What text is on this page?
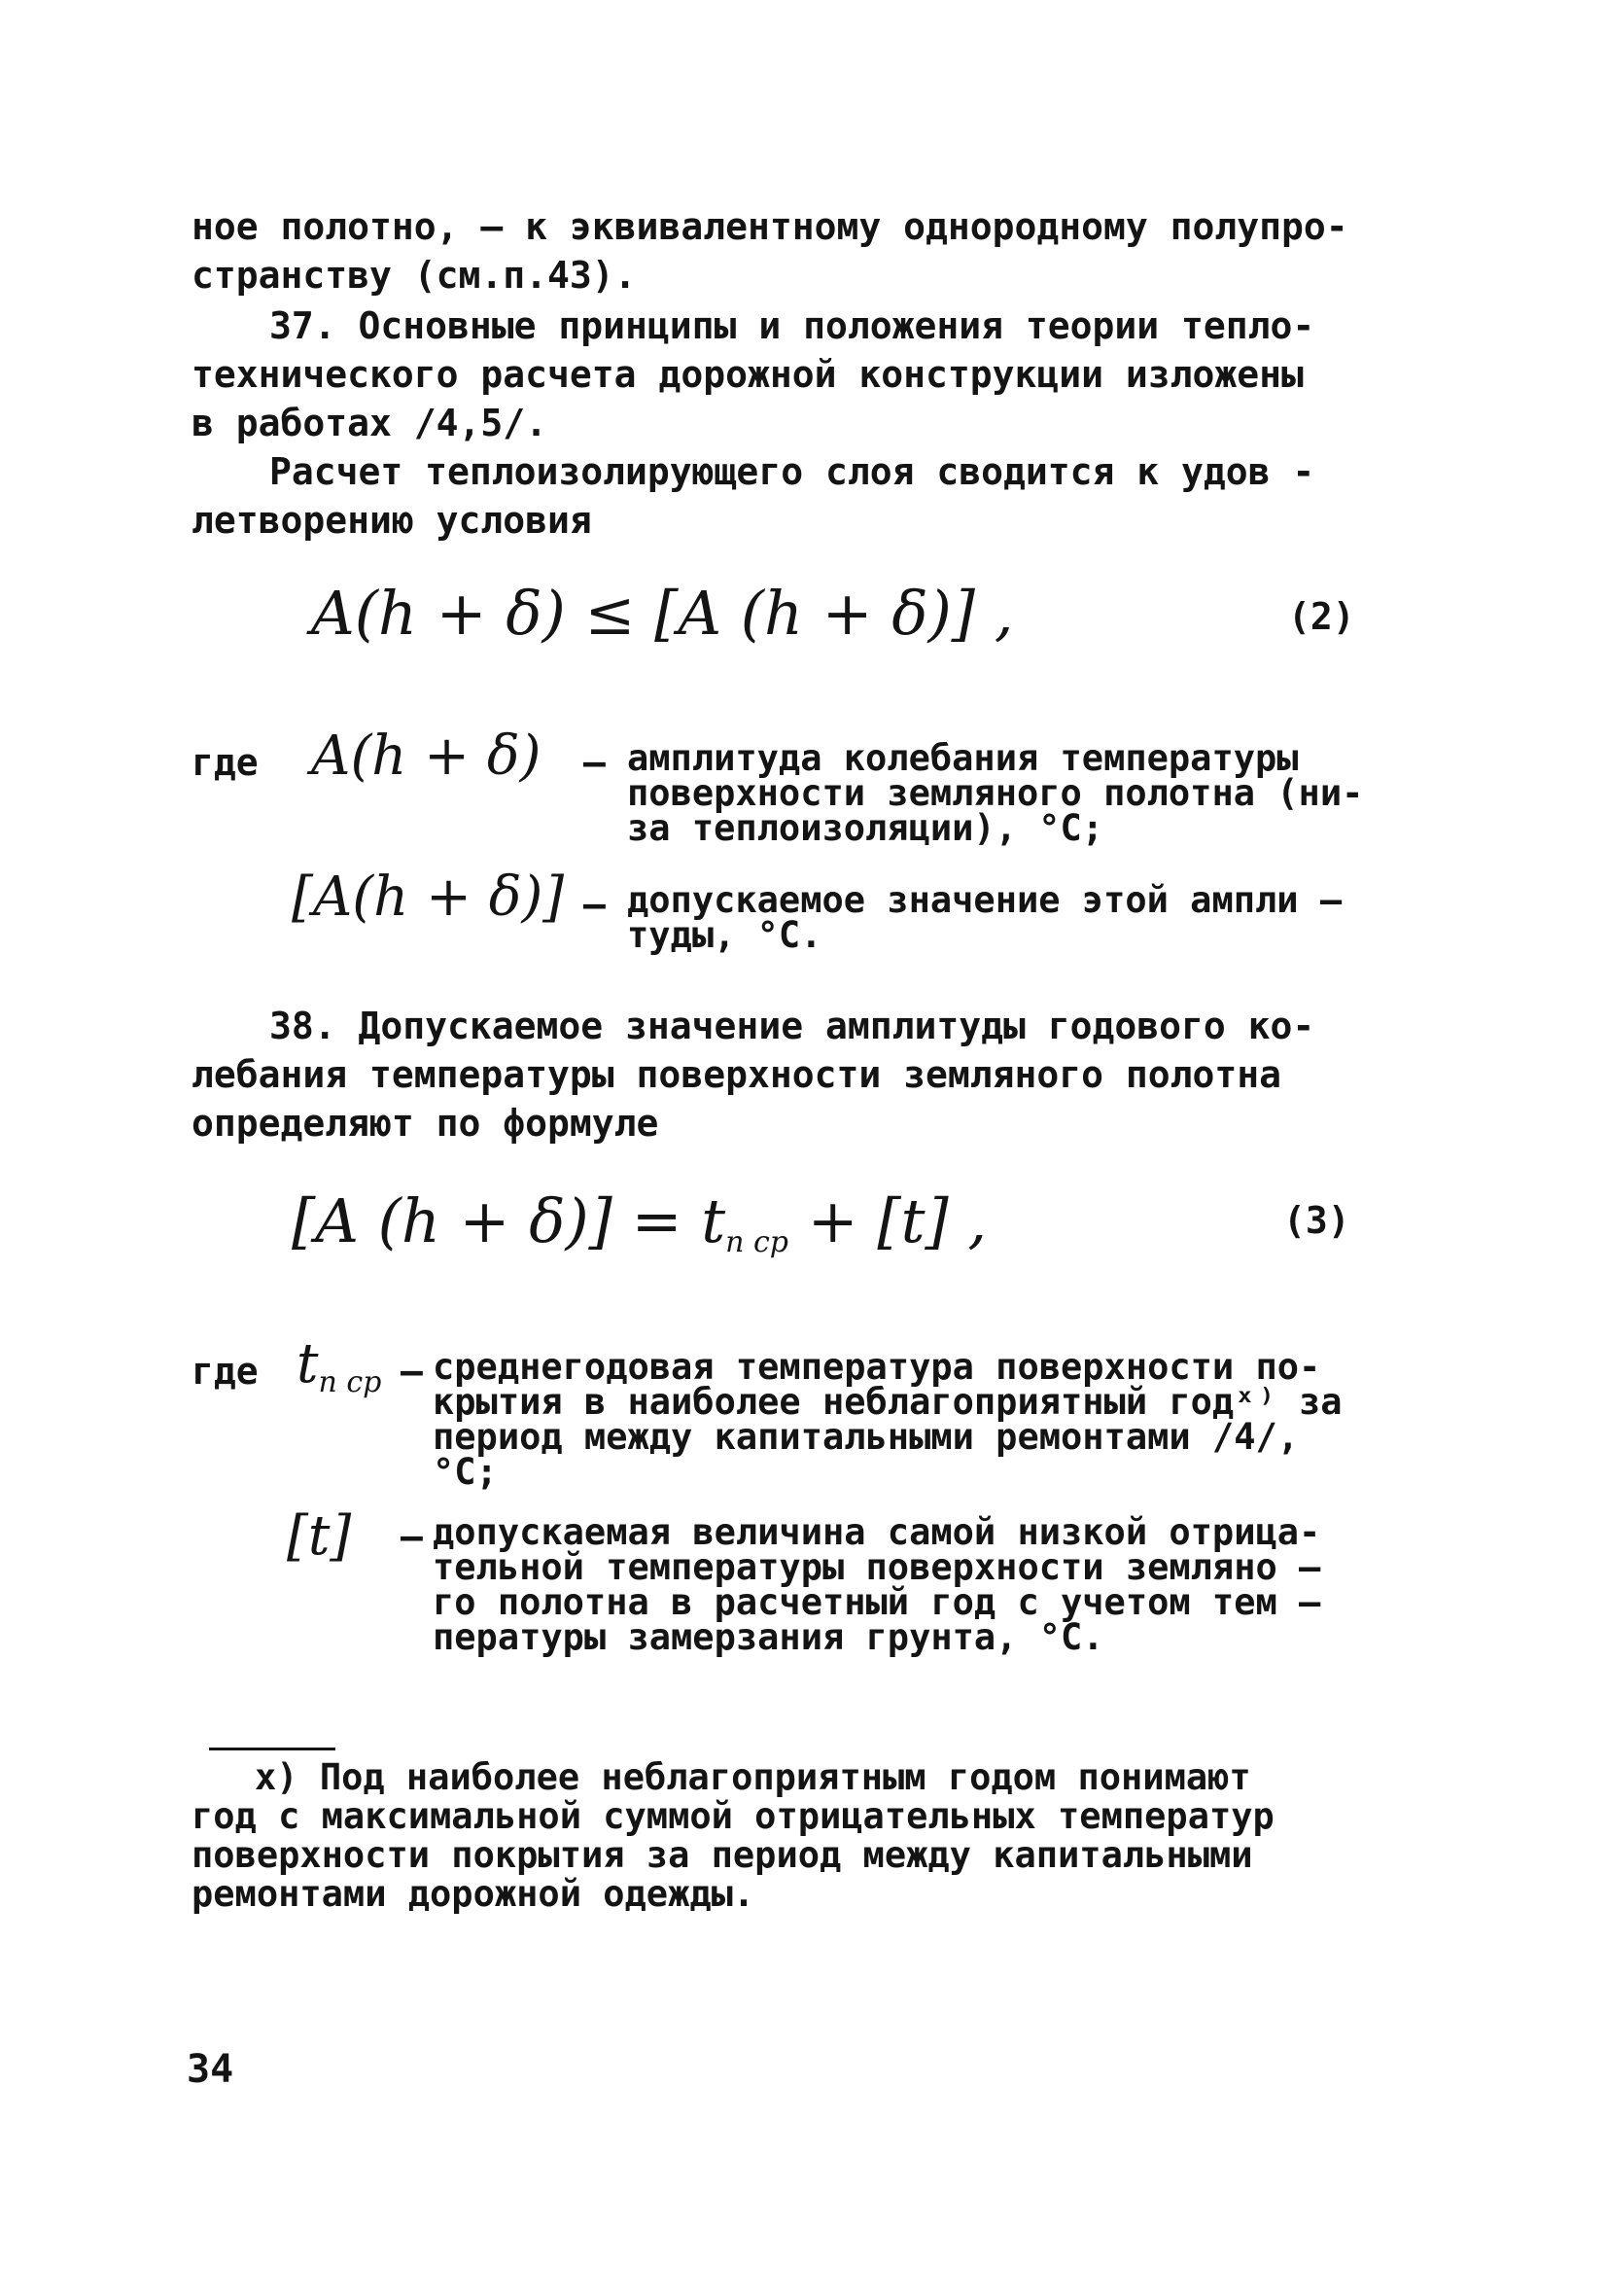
ное полотно, – к эквивалентному однородному полупро-
странству (см.п.43).
37. Основные принципы и положения теории тепло-
технического расчета дорожной конструкции изложены
в работах /4,5/.
Расчет теплоизолирующего слоя сводится к удов -
летворению условия
A(h + δ) ≤ [A (h + δ)] ,	(2)
где A(h + δ) – амплитуда колебания температуры
поверхности земляного полотна (ни-
за теплоизоляции), °C;
[A(h + δ)] – допускаемое значение этой ампли –
туды, °C.
38. Допускаемое значение амплитуды годового ко-
лебания температуры поверхности земляного полотна
определяют по формуле
[A $(h + \delta)] = t_{n cp} + [t]$ ,	(3)
где $t_{n cp}$ – среднегодовая температура поверхности по-
крытия в наиболее неблагоприятный годˣ⁾ за
период между капитальными ремонтами /4/,
°C;
[t] – допускаемая величина самой низкой отрица-
тельной температуры поверхности земляно –
го полотна в расчетный год с учетом тем –
пературы замерзания грунта, °C.
x) Под наиболее неблагоприятным годом понимают
год с максимальной суммой отрицательных температур
поверхности покрытия за период между капитальными
ремонтами дорожной одежды.
34
